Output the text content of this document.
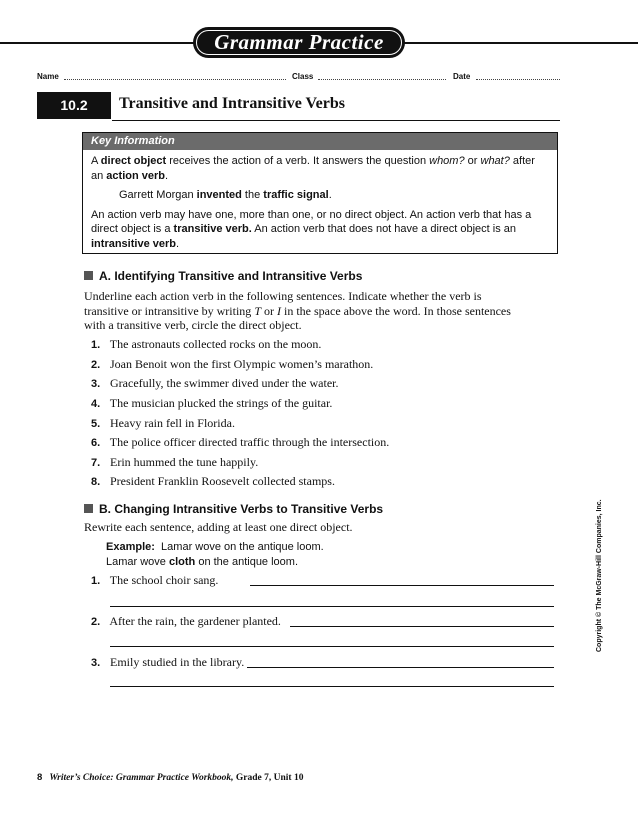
Grammar Practice
Name	Class	Date
10.2	Transitive and Intransitive Verbs
Key Information

A direct object receives the action of a verb. It answers the question whom? or what? after an action verb.

Garrett Morgan invented the traffic signal.

An action verb may have one, more than one, or no direct object. An action verb that has a direct object is a transitive verb. An action verb that does not have a direct object is an intransitive verb.

A. Identifying Transitive and Intransitive Verbs
Underline each action verb in the following sentences. Indicate whether the verb is transitive or intransitive by writing T or I in the space above the word. In those sentences with a transitive verb, circle the direct object.
1. The astronauts collected rocks on the moon.
2. Joan Benoit won the first Olympic women’s marathon.
3. Gracefully, the swimmer dived under the water.
4. The musician plucked the strings of the guitar.
5. Heavy rain fell in Florida.
6. The police officer directed traffic through the intersection.
7. Erin hummed the tune happily.
8. President Franklin Roosevelt collected stamps.
B. Changing Intransitive Verbs to Transitive Verbs
Rewrite each sentence, adding at least one direct object.
Example: Lamar wove on the antique loom.
Lamar wove cloth on the antique loom.
1. The school choir sang.
2. After the rain, the gardener planted.
3. Emily studied in the library.
Copyright © The McGraw-Hill Companies, Inc.
8 Writer’s Choice: Grammar Practice Workbook, Grade 7, Unit 10
